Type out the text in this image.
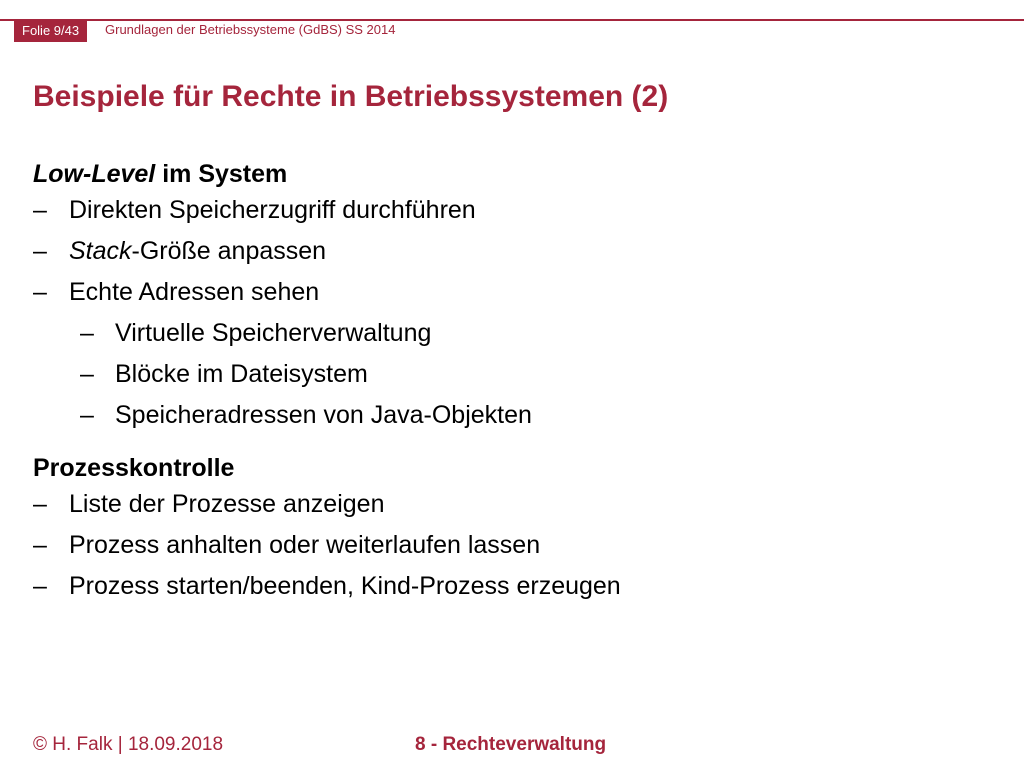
Folie 9/43	Grundlagen der Betriebssysteme (GdBS) SS 2014
Beispiele für Rechte in Betriebssystemen (2)
Low-Level im System
– Direkten Speicherzugriff durchführen
– Stack-Größe anpassen
– Echte Adressen sehen
– Virtuelle Speicherverwaltung
– Blöcke im Dateisystem
– Speicheradressen von Java-Objekten
Prozesskontrolle
– Liste der Prozesse anzeigen
– Prozess anhalten oder weiterlaufen lassen
– Prozess starten/beenden, Kind-Prozess erzeugen
© H. Falk | 18.09.2018	8 - Rechteverwaltung
